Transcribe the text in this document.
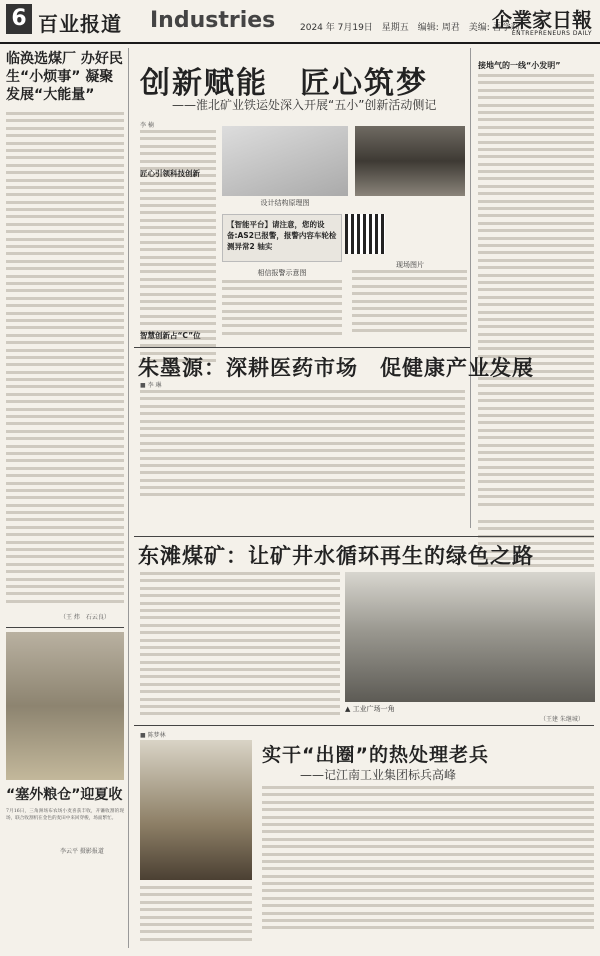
6 百业报道 Industries	2024 年 7月19日　星期五　编辑: 周君　美编: 吾学莉
企業家日報
ENTREPRENEURS DAILY
临涣选煤厂 办好民生“小烦事” 凝聚发展“大能量”
（王 炜　石云良）
“塞外粮仓”迎夏收
7月16日，三角洲场布农场小麦喜获丰收，开镰收割的现场，联合收割机在金色的麦田中来回穿梭，场面繁忙。
李云平 摄影报道
创新赋能　匠心筑梦
——淮北矿业铁运处深入开展“五小”创新活动侧记
李 楠
匠心引领科技创新
智慧创新占“C”位
设计结构原理图
现场图片
【智能平台】请注意，您的设备:AS2已报警，报警内容车轮检测异常2 轴实
相信报警示意图
接地气的一线“小发明”
朱墨源：深耕医药市场　促健康产业发展
■ 李 琳
东滩煤矿：让矿井水循环再生的绿色之路
▲ 工业广场一角
（王建 朱继城）
■ 陈梦林
实干“出圈”的热处理老兵
——记江南工业集团标兵高峰
